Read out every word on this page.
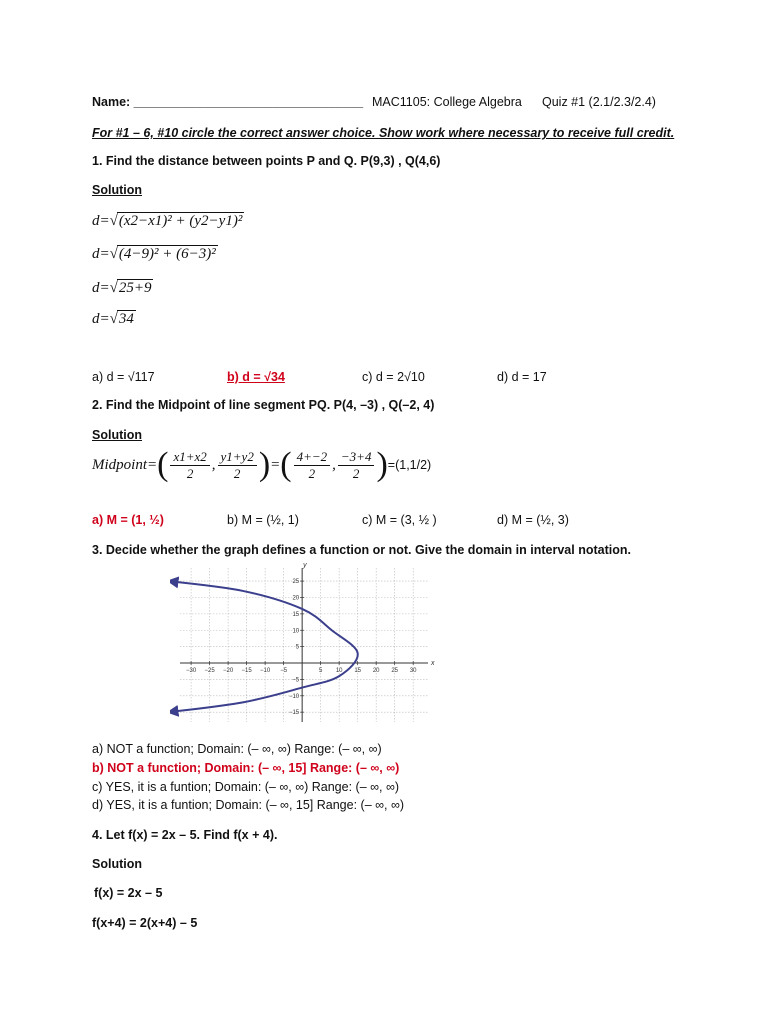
Name: _________________________________ MAC1105: College Algebra Quiz #1 (2.1/2.3/2.4)
For #1 – 6, #10 circle the correct answer choice. Show work where necessary to receive full credit.
1. Find the distance between points P and Q. P(9,3) , Q(4,6)
Solution
d=√(x2−x1)² + (y2−y1)²
d=√(4−9)² + (6−3)²
d=√25+9
d=√34
a) d = √117	b) d = √34	c) d = 2√10	d) d = 17
2. Find the Midpoint of line segment PQ. P(4, –3) , Q(–2, 4)
Solution
Midpoint = ( $\frac{x1+x2}{2}$ , $\frac{y1+y2}{2}$ ) = ( $\frac{4+-2}{2}$ , $\frac{-3+4}{2}$ ) =(1,1/2)
a) M = (1, ½)	b) M = (½, 1)	c) M = (3, ½ )	d) M = (½, 3)
3. Decide whether the graph defines a function or not. Give the domain in interval notation.
−30 −25 −20 −15 −10 −5	5 10 15 20 25 30
−15
−10
−5
5
10
15
20
25
x
y
a) NOT a function; Domain: (– ∞, ∞) Range: (– ∞, ∞)
b) NOT a function; Domain: (– ∞, 15] Range: (– ∞, ∞)
c) YES, it is a funtion; Domain: (– ∞, ∞) Range: (– ∞, ∞)
d) YES, it is a funtion; Domain: (– ∞, 15] Range: (– ∞, ∞)
4. Let f(x) = 2x – 5. Find f(x + 4).
Solution
f(x) = 2x – 5
f(x+4) = 2(x+4) – 5
